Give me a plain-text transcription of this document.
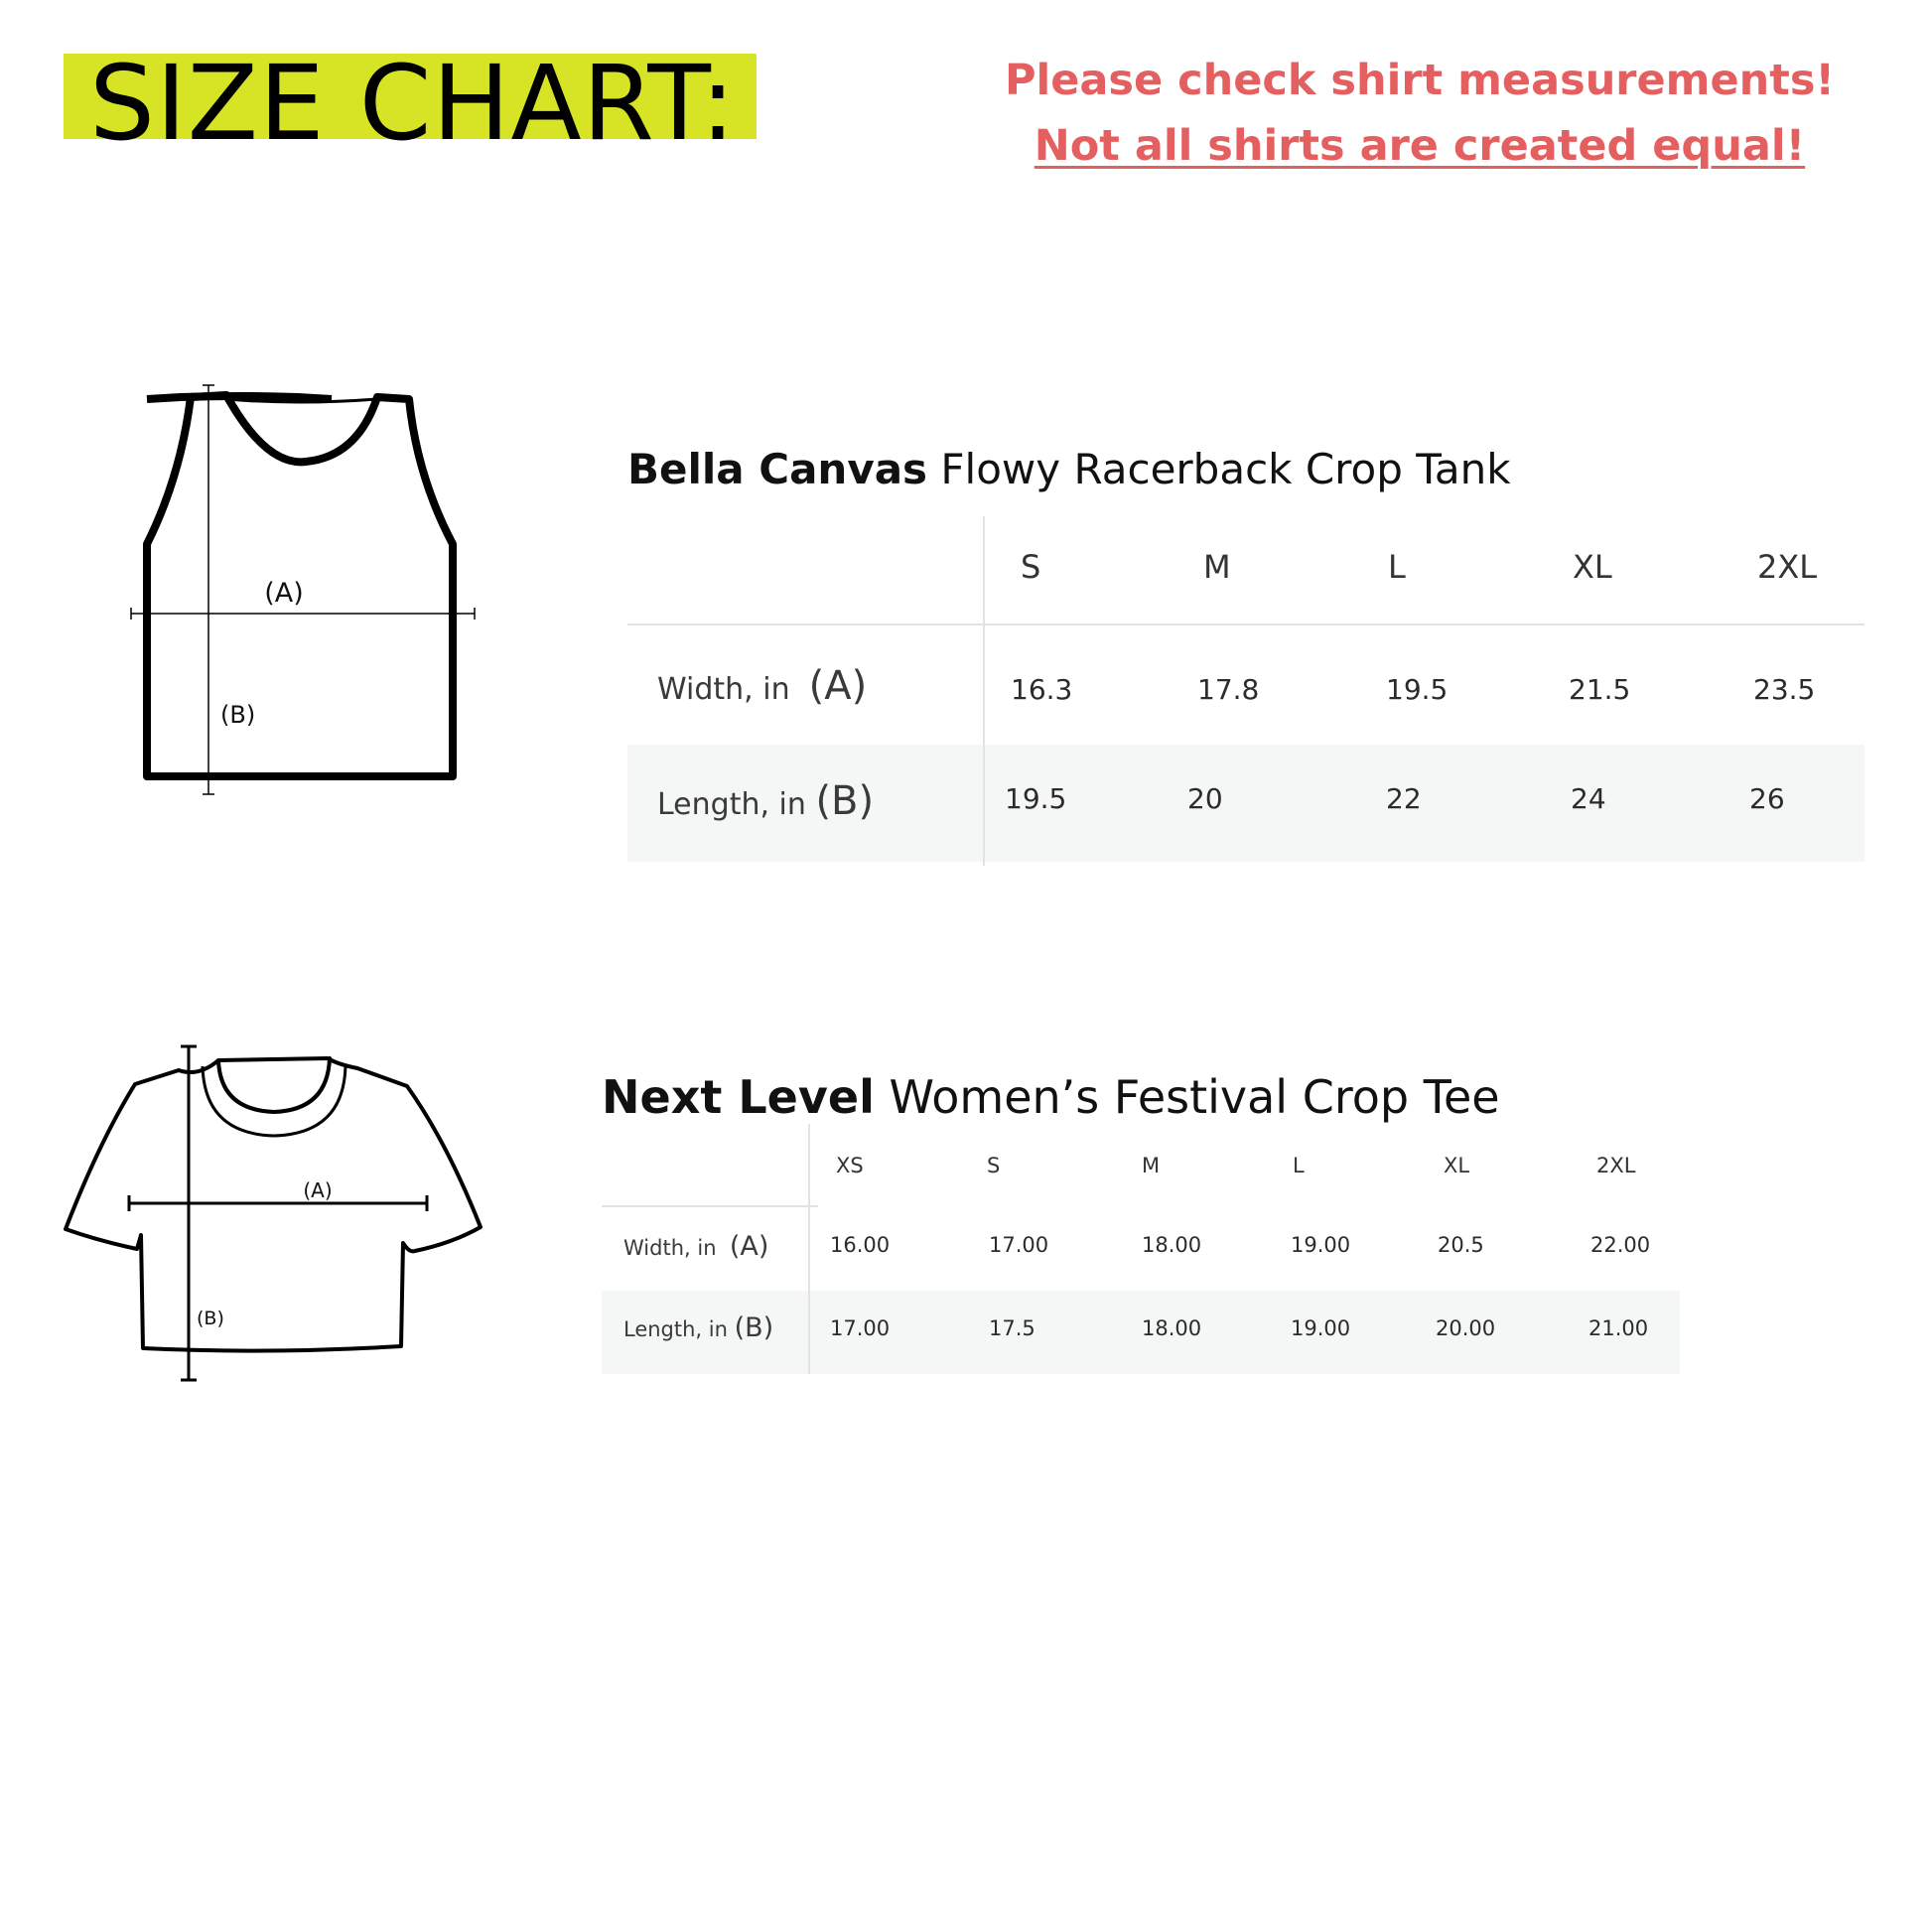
SIZE CHART:	Please check shirt measurements!
Not all shirts are created equal!
(A)
(B)
Bella Canvas Flowy Racerback Crop Tank
S	M	L	XL	2XL
Width, in (A)	16.3	17.8	19.5	21.5	23.5
Length, in (B)	19.5	20	22	24	26
(A)
(B)
Next Level Women’s Festival Crop Tee
XS	S	M	L	XL	2XL
Width, in (A)	16.00	17.00	18.00	19.00	20.5	22.00
Length, in (B)	17.00	17.5	18.00	19.00	20.00	21.00
